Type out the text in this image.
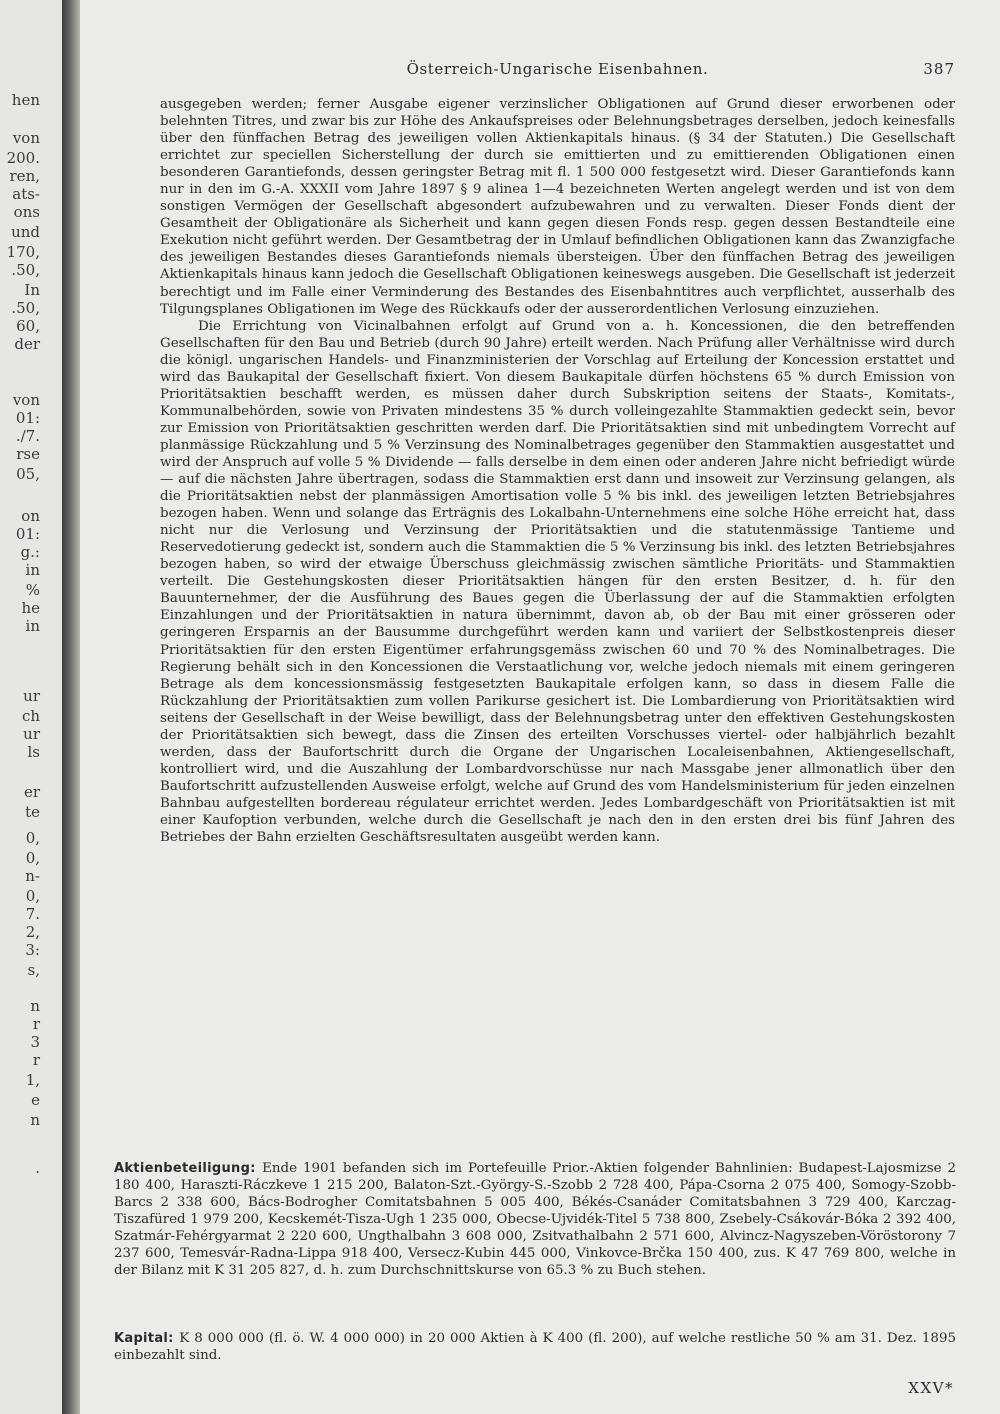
hen
von
200.
ren,
ats-
ons
und
170,
.50,
In
.50,
60,
der
von
01:
./7.
rse
05,
on
01:
g.:
in
%
he
in
ur
ch
ur
ls
er
te
0,
0,
n-
0,
7.
2,
3:
s,
n
r
3
r
1,
e
n
.
Österreich-Ungarische Eisenbahnen.	387

ausgegeben werden; ferner Ausgabe eigener verzinslicher Obligationen auf Grund dieser erworbenen oder belehnten Titres, und zwar bis zur Höhe des Ankaufspreises oder Belehnungsbetrages derselben, jedoch keinesfalls über den fünffachen Betrag des jeweiligen vollen Aktienkapitals hinaus. (§ 34 der Statuten.) Die Gesellschaft errichtet zur speciellen Sicherstellung der durch sie emittierten und zu emittierenden Obligationen einen besonderen Garantiefonds, dessen geringster Betrag mit fl. 1 500 000 festgesetzt wird. Dieser Garantiefonds kann nur in den im G.-A. XXXII vom Jahre 1897 § 9 alinea 1—4 bezeichneten Werten angelegt werden und ist von dem sonstigen Vermögen der Gesellschaft abgesondert aufzubewahren und zu verwalten. Dieser Fonds dient der Gesamtheit der Obligationäre als Sicherheit und kann gegen diesen Fonds resp. gegen dessen Bestandteile eine Exekution nicht geführt werden. Der Gesamtbetrag der in Umlauf befindlichen Obligationen kann das Zwanzigfache des jeweiligen Bestandes dieses Garantiefonds niemals übersteigen. Über den fünffachen Betrag des jeweiligen Aktienkapitals hinaus kann jedoch die Gesellschaft Obligationen keineswegs ausgeben. Die Gesellschaft ist jederzeit berechtigt und im Falle einer Verminderung des Bestandes des Eisenbahntitres auch verpflichtet, ausserhalb des Tilgungsplanes Obligationen im Wege des Rückkaufs oder der ausserordentlichen Verlosung einzuziehen.

Die Errichtung von Vicinalbahnen erfolgt auf Grund von a. h. Koncessionen, die den betreffenden Gesellschaften für den Bau und Betrieb (durch 90 Jahre) erteilt werden. Nach Prüfung aller Verhältnisse wird durch die königl. ungarischen Handels- und Finanzministerien der Vorschlag auf Erteilung der Koncession erstattet und wird das Baukapital der Gesellschaft fixiert. Von diesem Baukapitale dürfen höchstens 65 % durch Emission von Prioritätsaktien beschafft werden, es müssen daher durch Subskription seitens der Staats-, Komitats-, Kommunalbehörden, sowie von Privaten mindestens 35 % durch volleingezahlte Stammaktien gedeckt sein, bevor zur Emission von Prioritätsaktien geschritten werden darf. Die Prioritätsaktien sind mit unbedingtem Vorrecht auf planmässige Rückzahlung und 5 % Verzinsung des Nominalbetrages gegenüber den Stammaktien ausgestattet und wird der Anspruch auf volle 5 % Dividende — falls derselbe in dem einen oder anderen Jahre nicht befriedigt würde — auf die nächsten Jahre übertragen, sodass die Stammaktien erst dann und insoweit zur Verzinsung gelangen, als die Prioritätsaktien nebst der planmässigen Amortisation volle 5 % bis inkl. des jeweiligen letzten Betriebsjahres bezogen haben. Wenn und solange das Erträgnis des Lokalbahn-Unternehmens eine solche Höhe erreicht hat, dass nicht nur die Verlosung und Verzinsung der Prioritätsaktien und die statutenmässige Tantieme und Reservedotierung gedeckt ist, sondern auch die Stammaktien die 5 % Verzinsung bis inkl. des letzten Betriebsjahres bezogen haben, so wird der etwaige Überschuss gleichmässig zwischen sämtliche Prioritäts- und Stammaktien verteilt. Die Gestehungskosten dieser Prioritätsaktien hängen für den ersten Besitzer, d. h. für den Bauunternehmer, der die Ausführung des Baues gegen die Überlassung der auf die Stammaktien erfolgten Einzahlungen und der Prioritätsaktien in natura übernimmt, davon ab, ob der Bau mit einer grösseren oder geringeren Ersparnis an der Bausumme durchgeführt werden kann und variiert der Selbstkostenpreis dieser Prioritätsaktien für den ersten Eigentümer erfahrungsgemäss zwischen 60 und 70 % des Nominalbetrages. Die Regierung behält sich in den Koncessionen die Verstaatlichung vor, welche jedoch niemals mit einem geringeren Betrage als dem koncessionsmässig festgesetzten Baukapitale erfolgen kann, so dass in diesem Falle die Rückzahlung der Prioritätsaktien zum vollen Parikurse gesichert ist. Die Lombardierung von Prioritätsaktien wird seitens der Gesellschaft in der Weise bewilligt, dass der Belehnungsbetrag unter den effektiven Gestehungskosten der Prioritätsaktien sich bewegt, dass die Zinsen des erteilten Vorschusses viertel- oder halbjährlich bezahlt werden, dass der Baufortschritt durch die Organe der Ungarischen Localeisenbahnen, Aktiengesellschaft, kontrolliert wird, und die Auszahlung der Lombardvorschüsse nur nach Massgabe jener allmonatlich über den Baufortschritt aufzustellenden Ausweise erfolgt, welche auf Grund des vom Handelsministerium für jeden einzelnen Bahnbau aufgestellten bordereau régulateur errichtet werden. Jedes Lombardgeschäft von Prioritätsaktien ist mit einer Kaufoption verbunden, welche durch die Gesellschaft je nach den in den ersten drei bis fünf Jahren des Betriebes der Bahn erzielten Geschäftsresultaten ausgeübt werden kann.

Aktienbeteiligung: Ende 1901 befanden sich im Portefeuille Prior.-Aktien folgender Bahnlinien: Budapest-Lajosmizse 2 180 400, Haraszti-Ráczkeve 1 215 200, Balaton-Szt.-György-S.-Szobb 2 728 400, Pápa-Csorna 2 075 400, Somogy-Szobb-Barcs 2 338 600, Bács-Bodrogher Comitatsbahnen 5 005 400, Békés-Csanáder Comitatsbahnen 3 729 400, Karczag-Tiszafüred 1 979 200, Kecskemét-Tisza-Ugh 1 235 000, Obecse-Ujvidék-Titel 5 738 800, Zsebely-Csákovár-Bóka 2 392 400, Szatmár-Fehérgyarmat 2 220 600, Ungthalbahn 3 608 000, Zsitvathalbahn 2 571 600, Alvincz-Nagyszeben-Vöröstorony 7 237 600, Temesvár-Radna-Lippa 918 400, Versecz-Kubin 445 000, Vinkovce-Brčka 150 400, zus. K 47 769 800, welche in der Bilanz mit K 31 205 827, d. h. zum Durchschnittskurse von 65.3 % zu Buch stehen.
Kapital: K 8 000 000 (fl. ö. W. 4 000 000) in 20 000 Aktien à K 400 (fl. 200), auf welche restliche 50 % am 31. Dez. 1895 einbezahlt sind.
XXV*
